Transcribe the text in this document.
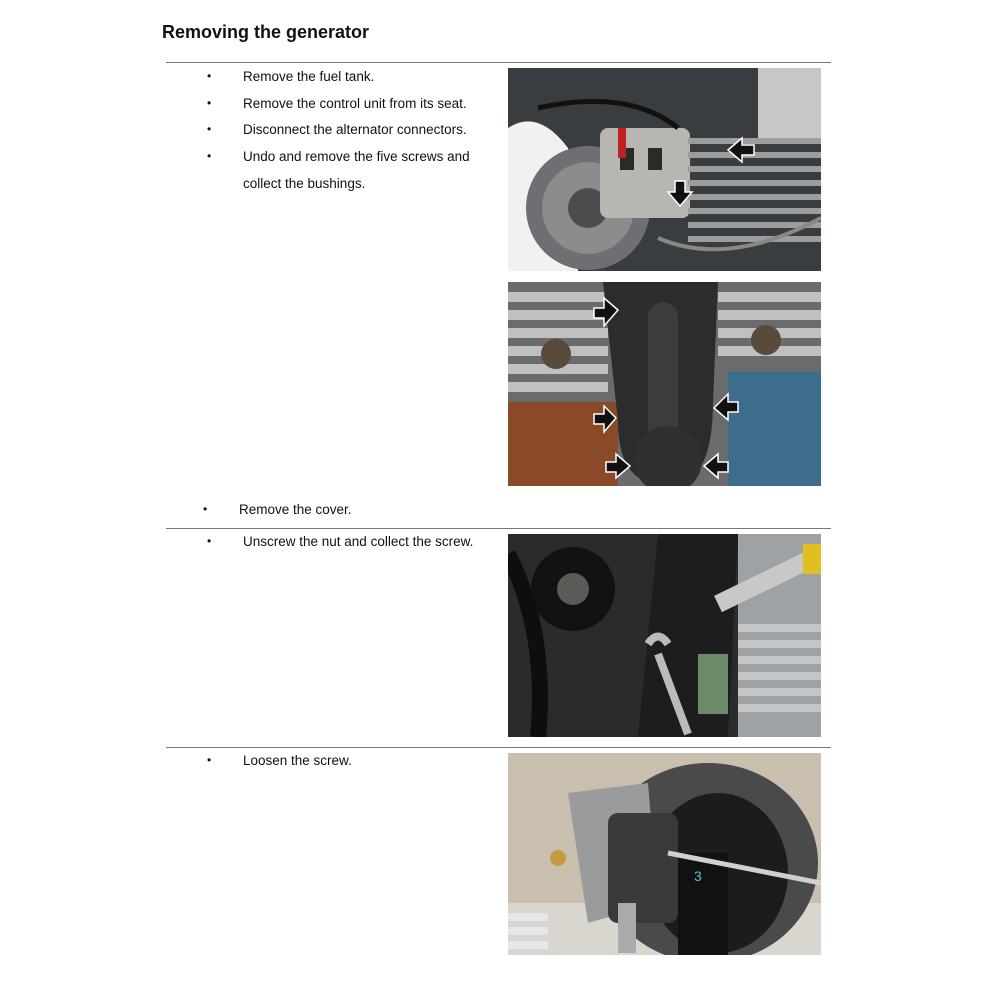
Removing the generator
• Remove the fuel tank.
• Remove the control unit from its seat.
• Disconnect the alternator connectors.
• Undo and remove the five screws and
collect the bushings.
• Remove the cover.
• Unscrew the nut and collect the screw.
• Loosen the screw.
3
